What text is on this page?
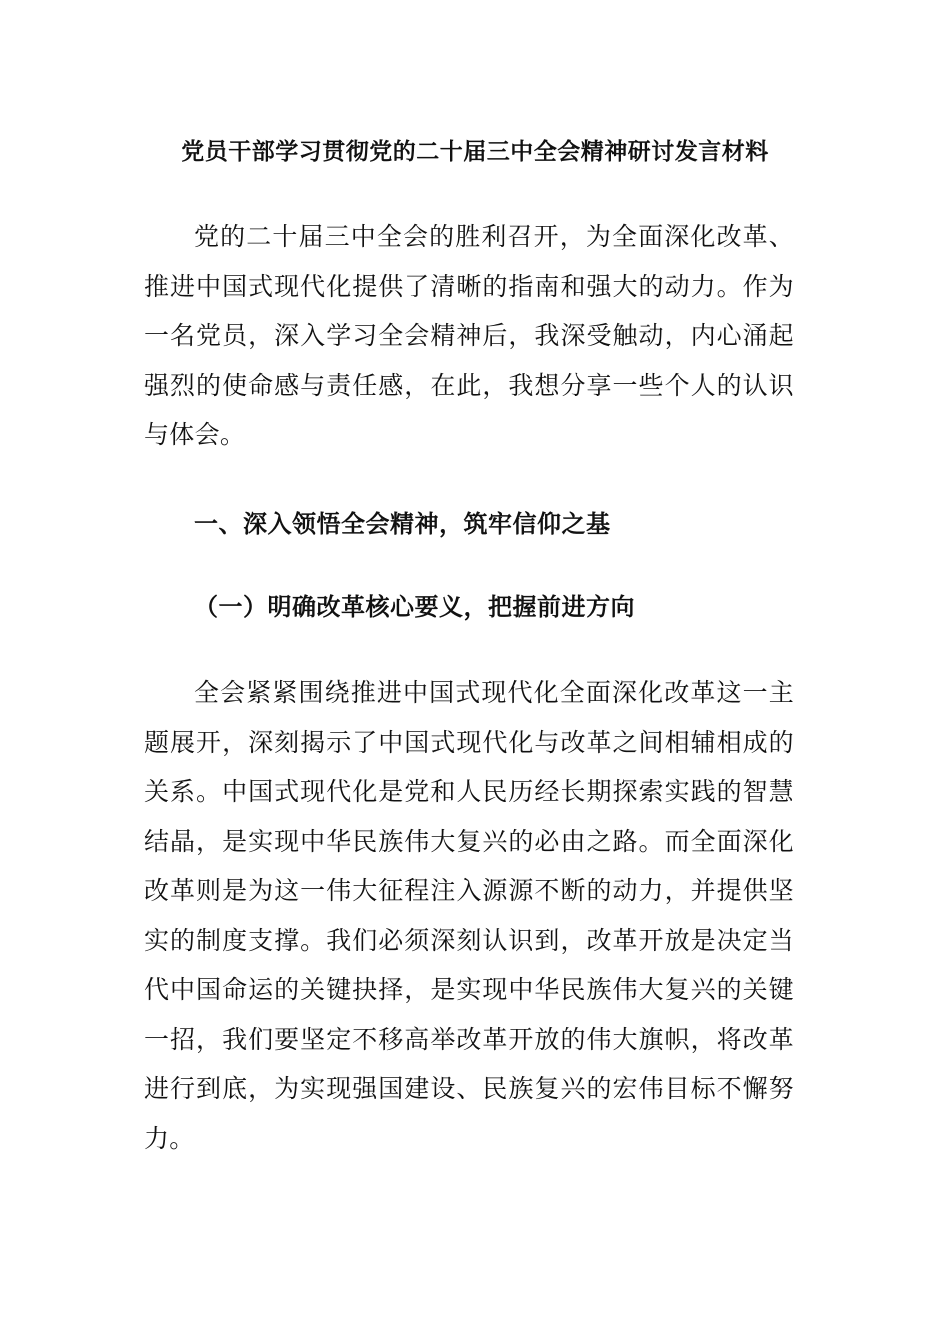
党员干部学习贯彻党的二十届三中全会精神研讨发言材料

党的二十届三中全会的胜利召开，为全面深化改革、推进中国式现代化提供了清晰的指南和强大的动力。作为一名党员，深入学习全会精神后，我深受触动，内心涌起强烈的使命感与责任感，在此，我想分享一些个人的认识与体会。

一、深入领悟全会精神，筑牢信仰之基
（一）明确改革核心要义，把握前进方向

全会紧紧围绕推进中国式现代化全面深化改革这一主题展开，深刻揭示了中国式现代化与改革之间相辅相成的关系。中国式现代化是党和人民历经长期探索实践的智慧结晶，是实现中华民族伟大复兴的必由之路。而全面深化改革则是为这一伟大征程注入源源不断的动力，并提供坚实的制度支撑。我们必须深刻认识到，改革开放是决定当代中国命运的关键抉择，是实现中华民族伟大复兴的关键一招，我们要坚定不移高举改革开放的伟大旗帜，将改革进行到底，为实现强国建设、民族复兴的宏伟目标不懈努力。
